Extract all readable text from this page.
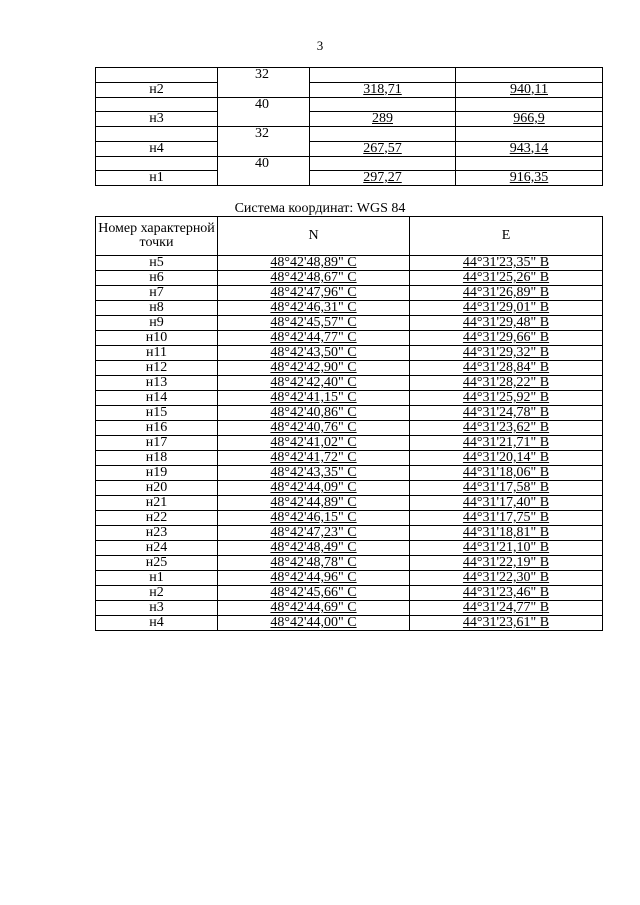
3
	32		
н2		318,71	940,11
	40		
н3		289	966,9
	32		
н4		267,57	943,14
	40		
н1		297,27	916,35
Система координат: WGS 84
Номер характерной точки	N	E
н5	48°42'48,89" С	44°31'23,35" В
н6	48°42'48,67" С	44°31'25,26" В
н7	48°42'47,96" С	44°31'26,89" В
н8	48°42'46,31" С	44°31'29,01" В
н9	48°42'45,57" С	44°31'29,48" В
н10	48°42'44,77" С	44°31'29,66" В
н11	48°42'43,50" С	44°31'29,32" В
н12	48°42'42,90" С	44°31'28,84" В
н13	48°42'42,40" С	44°31'28,22" В
н14	48°42'41,15" С	44°31'25,92" В
н15	48°42'40,86" С	44°31'24,78" В
н16	48°42'40,76" С	44°31'23,62" В
н17	48°42'41,02" С	44°31'21,71" В
н18	48°42'41,72" С	44°31'20,14" В
н19	48°42'43,35" С	44°31'18,06" В
н20	48°42'44,09" С	44°31'17,58" В
н21	48°42'44,89" С	44°31'17,40" В
н22	48°42'46,15" С	44°31'17,75" В
н23	48°42'47,23" С	44°31'18,81" В
н24	48°42'48,49" С	44°31'21,10" В
н25	48°42'48,78" С	44°31'22,19" В
н1	48°42'44,96" С	44°31'22,30" В
н2	48°42'45,66" С	44°31'23,46" В
н3	48°42'44,69" С	44°31'24,77" В
н4	48°42'44,00" С	44°31'23,61" В
